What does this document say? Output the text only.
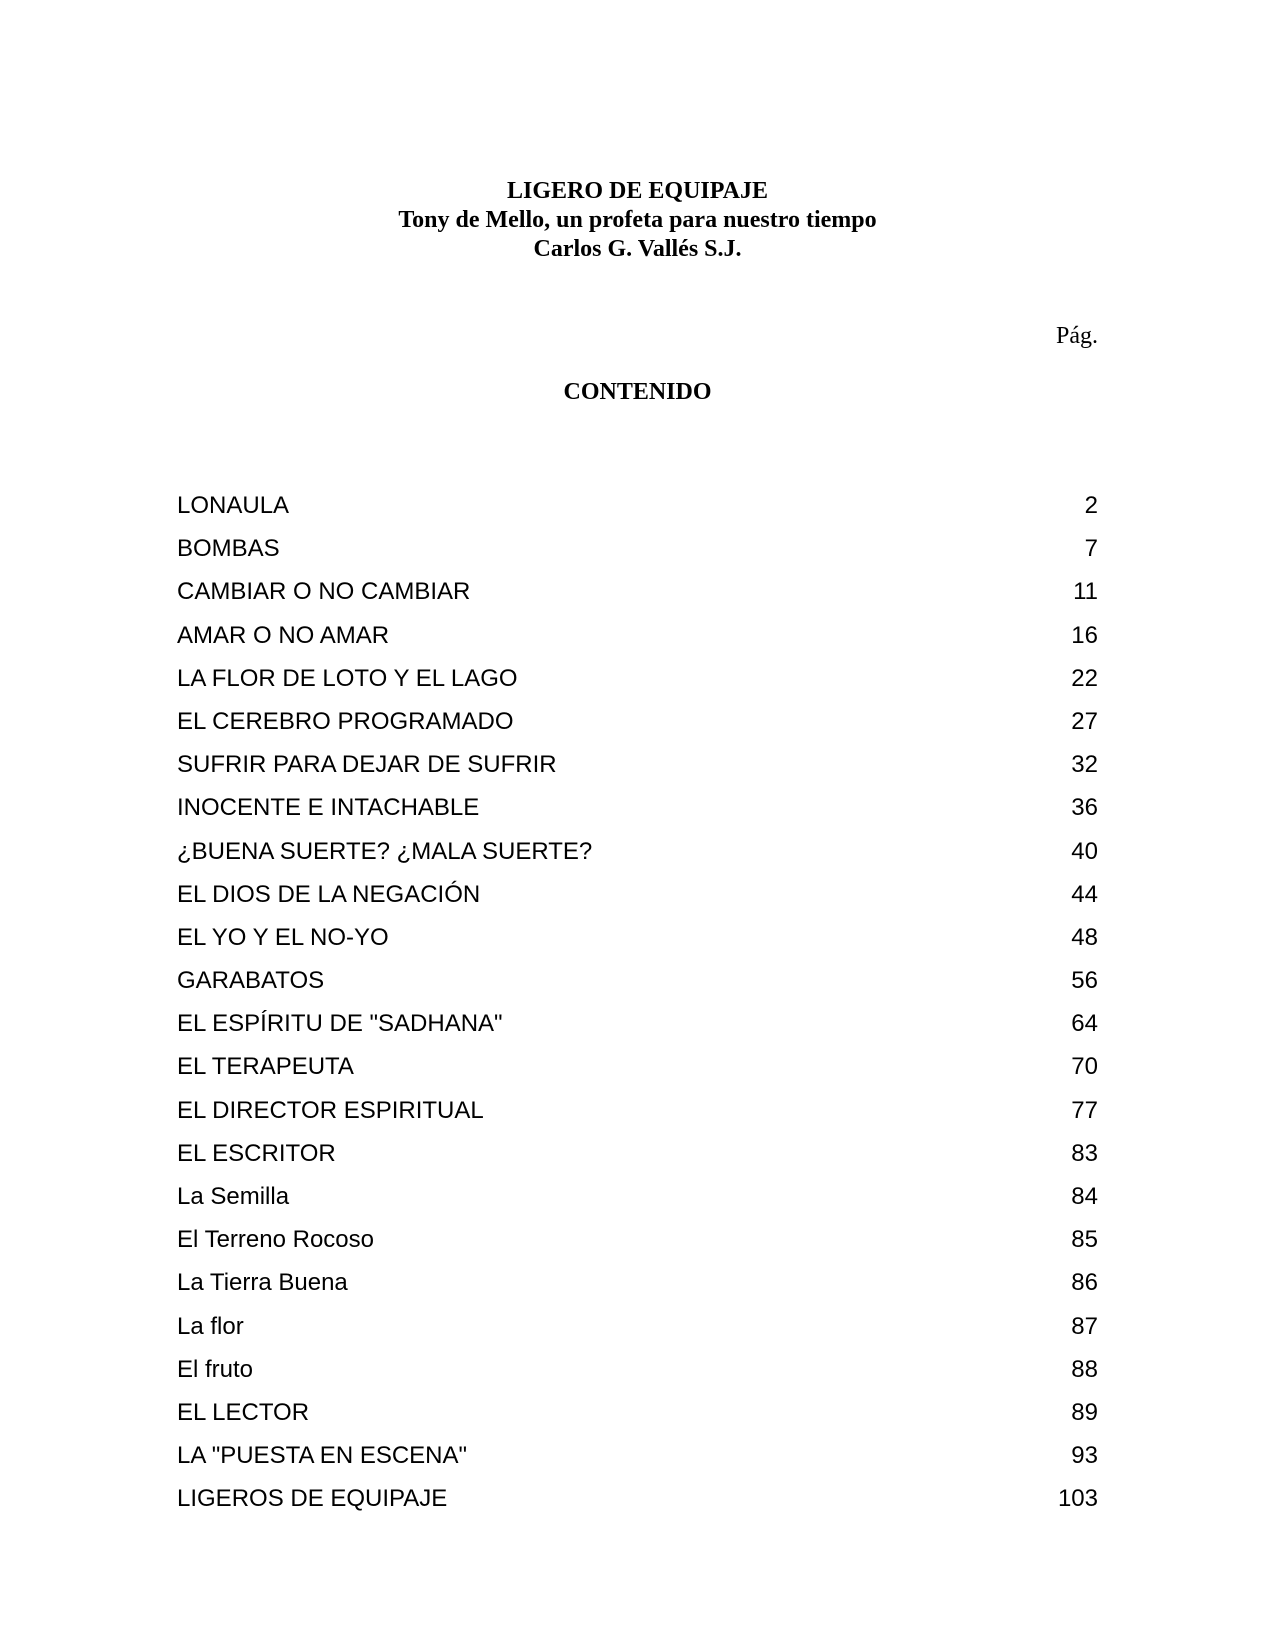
LIGERO DE EQUIPAJE
Tony de Mello, un profeta para nuestro tiempo
Carlos G. Vallés S.J.
Pág.
CONTENIDO
LONAULA	2
BOMBAS	7
CAMBIAR O NO CAMBIAR	11
AMAR O NO AMAR	16
LA FLOR DE LOTO Y EL LAGO	22
EL CEREBRO PROGRAMADO	27
SUFRIR PARA DEJAR DE SUFRIR	32
INOCENTE E INTACHABLE	36
¿BUENA SUERTE? ¿MALA SUERTE?	40
EL DIOS DE LA NEGACIÓN	44
EL YO Y EL NO-YO	48
GARABATOS	56
EL ESPÍRITU DE "SADHANA"	64
EL TERAPEUTA	70
EL DIRECTOR ESPIRITUAL	77
EL ESCRITOR	83
La Semilla	84
El Terreno Rocoso	85
La Tierra Buena	86
La flor	87
El fruto	88
EL LECTOR	89
LA "PUESTA EN ESCENA"	93
LIGEROS DE EQUIPAJE	103
